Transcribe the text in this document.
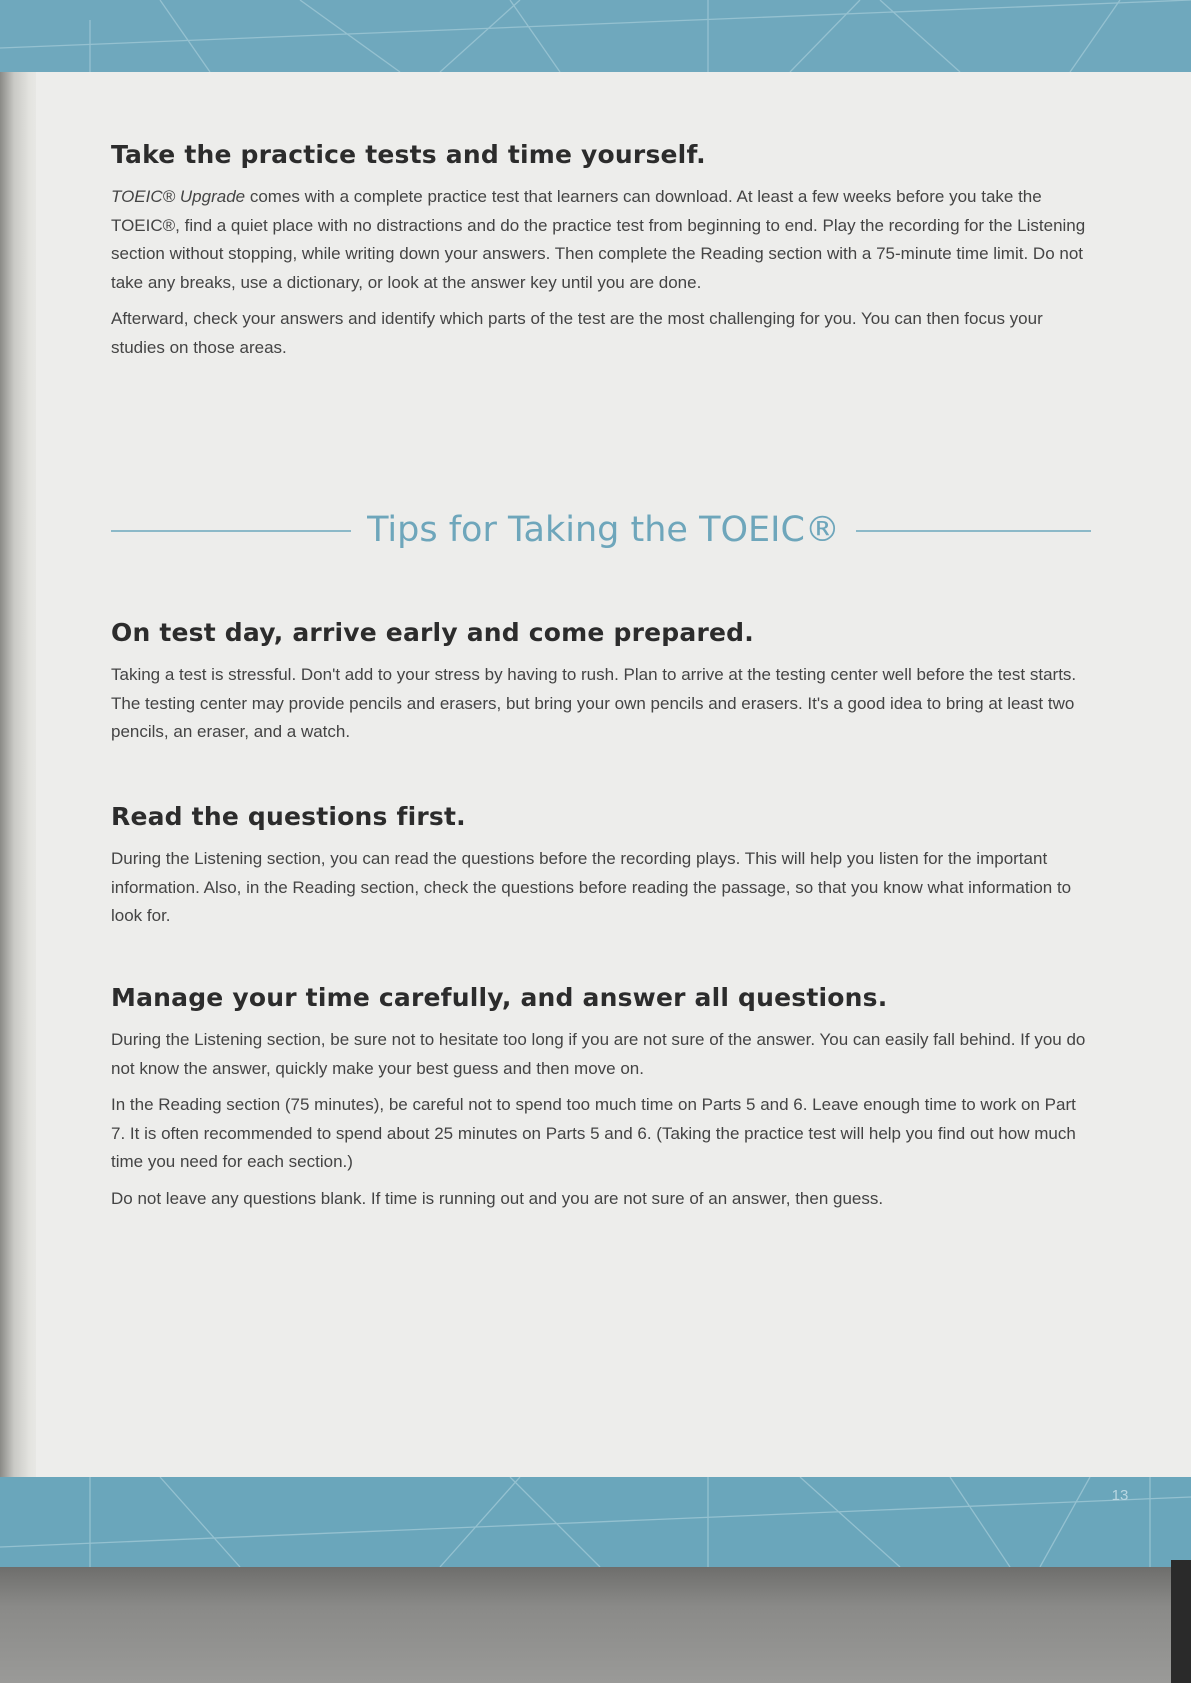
Take the practice tests and time yourself.

TOEIC® Upgrade comes with a complete practice test that learners can download. At least a few weeks before you take the TOEIC®, find a quiet place with no distractions and do the practice test from beginning to end. Play the recording for the Listening section without stopping, while writing down your answers. Then complete the Reading section with a 75-minute time limit. Do not take any breaks, use a dictionary, or look at the answer key until you are done.

Afterward, check your answers and identify which parts of the test are the most challenging for you. You can then focus your studies on those areas.

Tips for Taking the TOEIC®
On test day, arrive early and come prepared.

Taking a test is stressful. Don't add to your stress by having to rush. Plan to arrive at the testing center well before the test starts. The testing center may provide pencils and erasers, but bring your own pencils and erasers. It's a good idea to bring at least two pencils, an eraser, and a watch.

Read the questions first.

During the Listening section, you can read the questions before the recording plays. This will help you listen for the important information. Also, in the Reading section, check the questions before reading the passage, so that you know what information to look for.

Manage your time carefully, and answer all questions.

During the Listening section, be sure not to hesitate too long if you are not sure of the answer. You can easily fall behind. If you do not know the answer, quickly make your best guess and then move on.

In the Reading section (75 minutes), be careful not to spend too much time on Parts 5 and 6. Leave enough time to work on Part 7. It is often recommended to spend about 25 minutes on Parts 5 and 6. (Taking the practice test will help you find out how much time you need for each section.)

Do not leave any questions blank. If time is running out and you are not sure of an answer, then guess.

13
